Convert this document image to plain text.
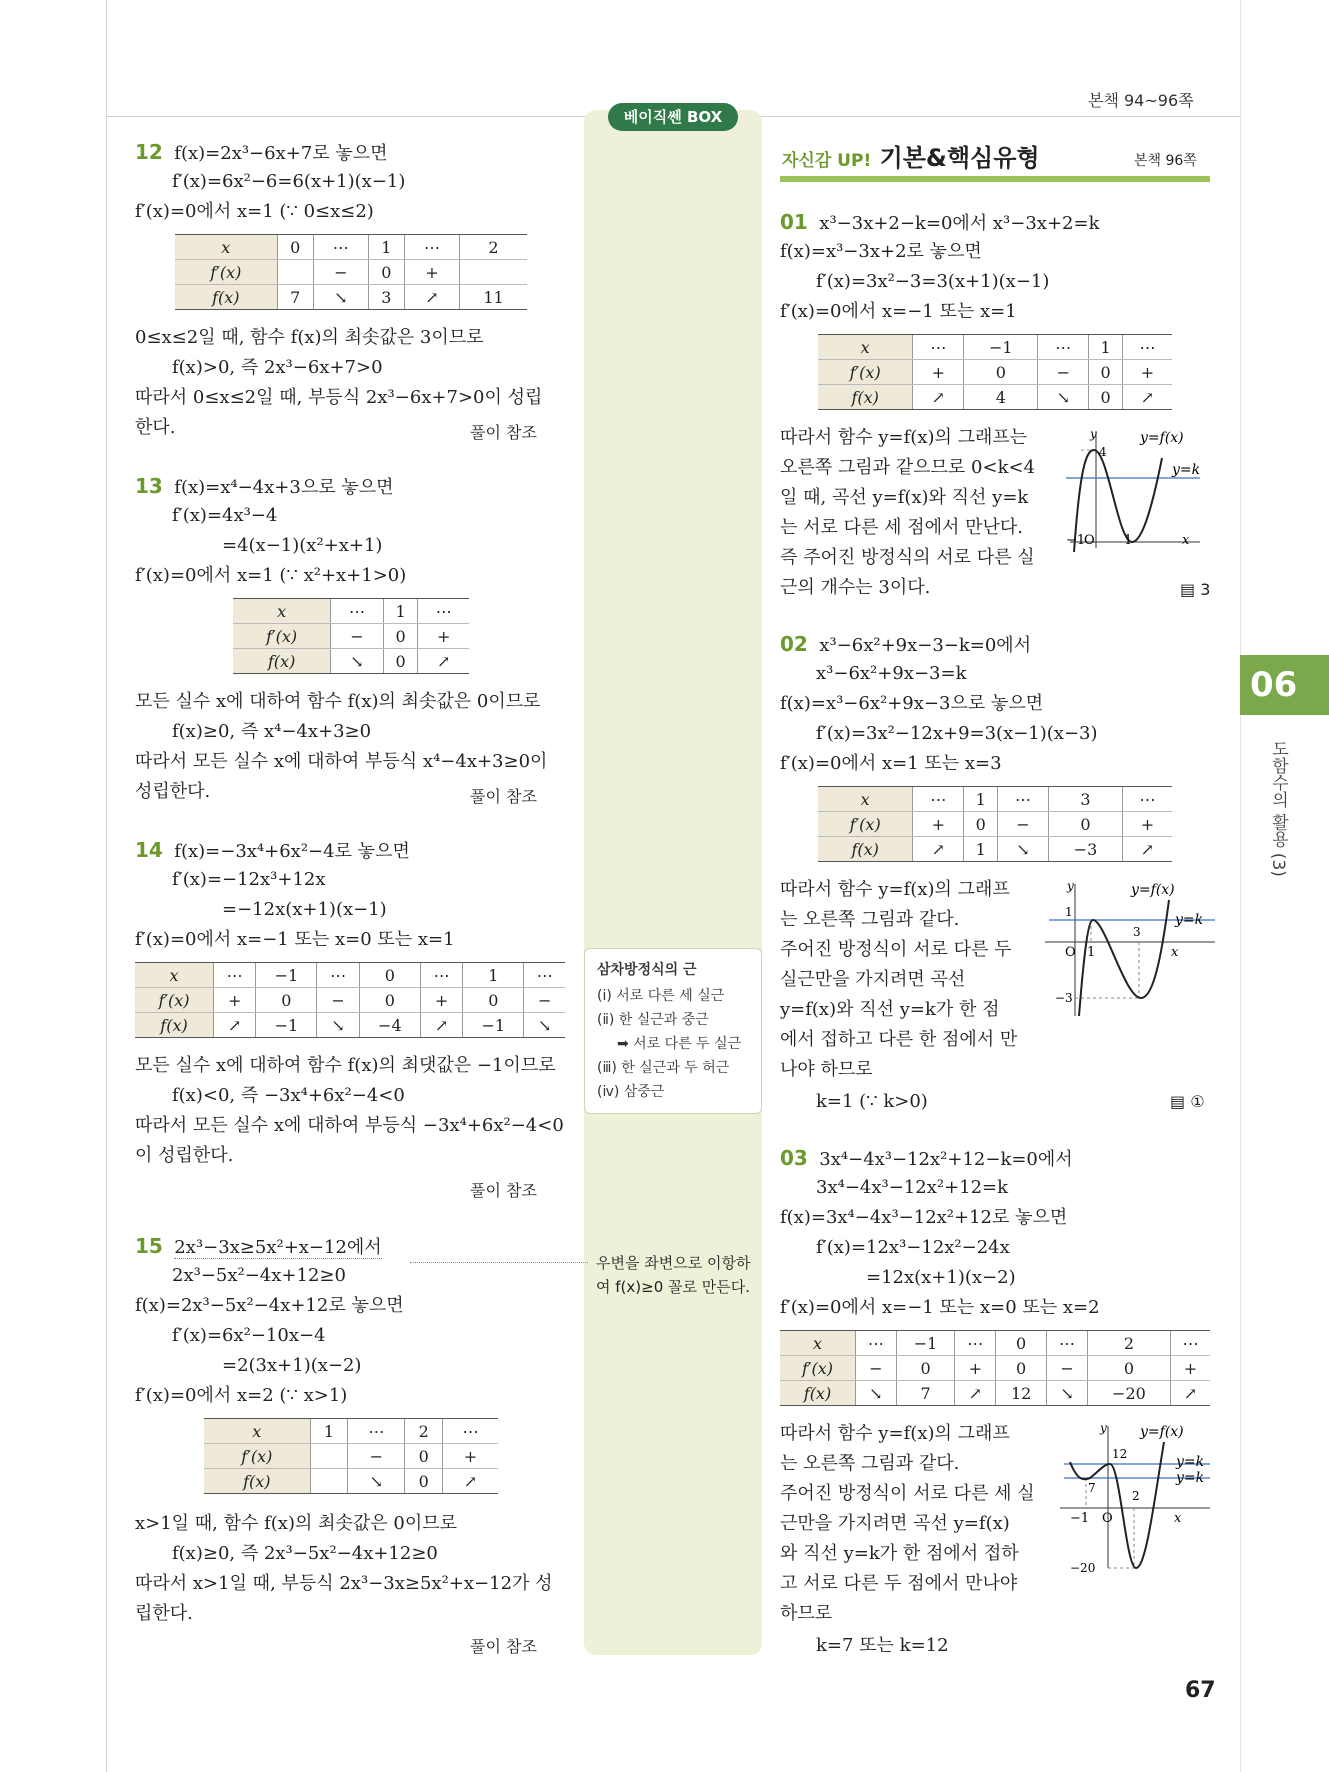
본책 94~96쪽
베이직쎈 BOX
12 f(x)=2x³−6x+7로 놓으면
f′(x)=6x²−6=6(x+1)(x−1)
f′(x)=0에서 x=1 (∵ 0≤x≤2)
x	0	⋯	1	⋯	2
f′(x)		−	0	+	
f(x)	7	↘	3	↗	11
0≤x≤2일 때, 함수 f(x)의 최솟값은 3이므로
f(x)>0, 즉 2x³−6x+7>0
따라서 0≤x≤2일 때, 부등식 2x³−6x+7>0이 성립
한다.	풀이 참조
13 f(x)=x⁴−4x+3으로 놓으면
f′(x)=4x³−4
=4(x−1)(x²+x+1)
f′(x)=0에서 x=1 (∵ x²+x+1>0)
x	⋯	1	⋯
f′(x)	−	0	+
f(x)	↘	0	↗
모든 실수 x에 대하여 함수 f(x)의 최솟값은 0이므로
f(x)≥0, 즉 x⁴−4x+3≥0
따라서 모든 실수 x에 대하여 부등식 x⁴−4x+3≥0이
성립한다.	풀이 참조
14 f(x)=−3x⁴+6x²−4로 놓으면
f′(x)=−12x³+12x
=−12x(x+1)(x−1)
f′(x)=0에서 x=−1 또는 x=0 또는 x=1
x	⋯	−1	⋯	0	⋯	1	⋯
f′(x)	+	0	−	0	+	0	−
f(x)	↗	−1	↘	−4	↗	−1	↘
모든 실수 x에 대하여 함수 f(x)의 최댓값은 −1이므로
f(x)<0, 즉 −3x⁴+6x²−4<0
따라서 모든 실수 x에 대하여 부등식 −3x⁴+6x²−4<0
이 성립한다.
풀이 참조
삼차방정식의 근
(ⅰ) 서로 다른 세 실근
(ⅱ) 한 실근과 중근
➡ 서로 다른 두 실근
(ⅲ) 한 실근과 두 허근
(ⅳ) 삼중근
15 2x³−3x≥5x²+x−12에서
우변을 좌변으로 이항하
여 f(x)≥0 꼴로 만든다.
2x³−5x²−4x+12≥0
f(x)=2x³−5x²−4x+12로 놓으면
f′(x)=6x²−10x−4
=2(3x+1)(x−2)
f′(x)=0에서 x=2 (∵ x>1)
x	1	⋯	2	⋯
f′(x)		−	0	+
f(x)		↘	0	↗
x>1일 때, 함수 f(x)의 최솟값은 0이므로
f(x)≥0, 즉 2x³−5x²−4x+12≥0
따라서 x>1일 때, 부등식 2x³−3x≥5x²+x−12가 성
립한다.
풀이 참조
자신감 UP! 기본&핵심유형	본책 96쪽
01 x³−3x+2−k=0에서 x³−3x+2=k
f(x)=x³−3x+2로 놓으면
f′(x)=3x²−3=3(x+1)(x−1)
f′(x)=0에서 x=−1 또는 x=1
x	⋯	−1	⋯	1	⋯
f′(x)	+	0	−	0	+
f(x)	↗	4	↘	0	↗
따라서 함수 y=f(x)의 그래프는
오른쪽 그림과 같으므로 0<k<4
일 때, 곡선 y=f(x)와 직선 y=k
는 서로 다른 세 점에서 만난다.
즉 주어진 방정식의 서로 다른 실
근의 개수는 3이다.	▤ 3
y	y=f(x)
y=k
4
−1
O 1	x
02 x³−6x²+9x−3−k=0에서
x³−6x²+9x−3=k
f(x)=x³−6x²+9x−3으로 놓으면
f′(x)=3x²−12x+9=3(x−1)(x−3)
f′(x)=0에서 x=1 또는 x=3
x	⋯	1	⋯	3	⋯
f′(x)	+	0	−	0	+
f(x)	↗	1	↘	−3	↗
따라서 함수 y=f(x)의 그래프
는 오른쪽 그림과 같다.
주어진 방정식이 서로 다른 두
실근만을 가지려면 곡선
y=f(x)와 직선 y=k가 한 점
에서 접하고 다른 한 점에서 만
나야 하므로
k=1 (∵ k>0)	▤ ①
y	y=f(x)
y=k
1
3
O 1	x
−3
03 3x⁴−4x³−12x²+12−k=0에서
3x⁴−4x³−12x²+12=k
f(x)=3x⁴−4x³−12x²+12로 놓으면
f′(x)=12x³−12x²−24x
=12x(x+1)(x−2)
f′(x)=0에서 x=−1 또는 x=0 또는 x=2
x	⋯	−1	⋯	0	⋯	2	⋯
f′(x)	−	0	+	0	−	0	+
f(x)	↘	7	↗	12	↘	−20	↗
따라서 함수 y=f(x)의 그래프
는 오른쪽 그림과 같다.
주어진 방정식이 서로 다른 세 실
근만을 가지려면 곡선 y=f(x)
와 직선 y=k가 한 점에서 접하
고 서로 다른 두 점에서 만나야
하므로
k=7 또는 k=12
y y=f(x)
y=k
y=k
12
7
2
−1 O	x
−20
06
도함수의 활용 (3)
67
